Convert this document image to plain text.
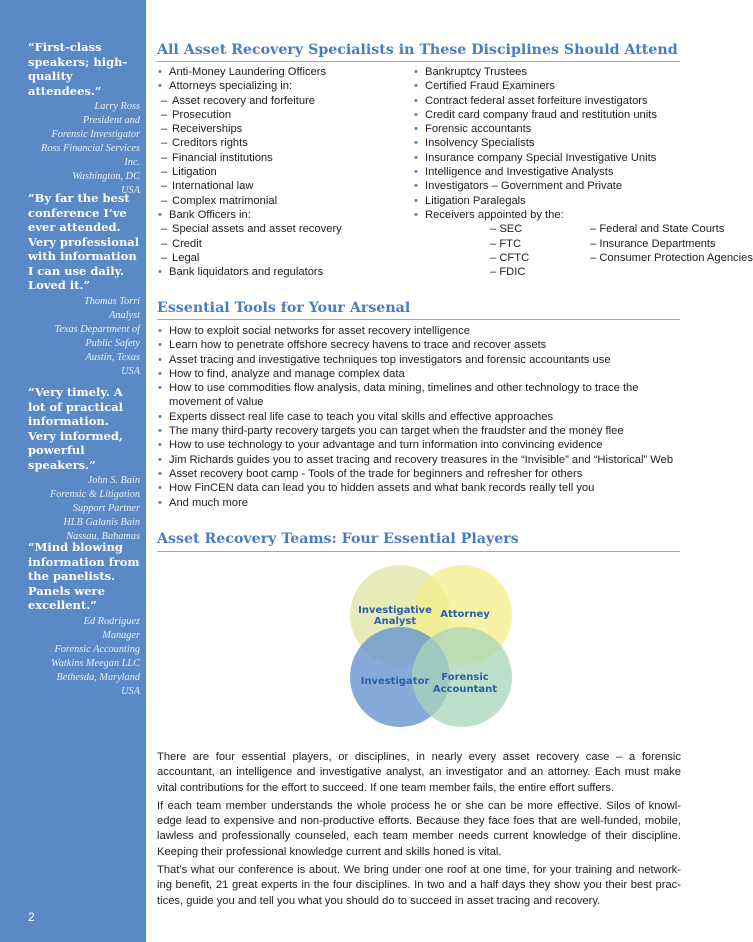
“First-class speakers; high-quality attendees.”

Larry Ross
President and
Forensic Investigator
Ross Financial Services
Inc.
Washington, DC
USA

“By far the best conference I’ve ever attended. Very professional with information I can use daily. Loved it.”

Thomas Torri
Analyst
Texas Department of
Public Safety
Austin, Texas
USA

“Very timely. A lot of practical information. Very informed, powerful speakers.”

John S. Bain
Forensic & Litigation
Support Partner
HLB Galanis Bain
Nassau, Bahamas

“Mind blowing information from the panelists. Panels were excellent.”

Ed Rodriguez
Manager
Forensic Accounting
Watkins Meegan LLC
Bethesda, Maryland
USA
2
All Asset Recovery Specialists in These Disciplines Should Attend
• Anti-Money Laundering Officers
• Attorneys specializing in:
– Asset recovery and forfeiture
– Prosecution
– Receiverships
– Creditors rights
– Financial institutions
– Litigation
– International law
– Complex matrimonial
• Bank Officers in:
– Special assets and asset recovery
– Credit
– Legal
• Bank liquidators and regulators
• Bankruptcy Trustees
• Certified Fraud Examiners
• Contract federal asset forfeiture investigators
• Credit card company fraud and restitution units
• Forensic accountants
• Insolvency Specialists
• Insurance company Special Investigative Units
• Intelligence and Investigative Analysts
• Investigators – Government and Private
• Litigation Paralegals
• Receivers appointed by the:
– SEC	– Federal and State Courts
– FTC	– Insurance Departments
– CFTC	– Consumer Protection Agencies
– FDIC
Essential Tools for Your Arsenal
• How to exploit social networks for asset recovery intelligence
• Learn how to penetrate offshore secrecy havens to trace and recover assets
• Asset tracing and investigative techniques top investigators and forensic accountants use
• How to find, analyze and manage complex data
• How to use commodities flow analysis, data mining, timelines and other technology to trace the movement of value
• Experts dissect real life case to teach you vital skills and effective approaches
• The many third-party recovery targets you can target when the fraudster and the money flee
• How to use technology to your advantage and turn information into convincing evidence
• Jim Richards guides you to asset tracing and recovery treasures in the “Invisible” and “Historical” Web
• Asset recovery boot camp - Tools of the trade for beginners and refresher for others
• How FinCEN data can lead you to hidden assets and what bank records really tell you
• And much more
Asset Recovery Teams: Four Essential Players
Investigative
Analyst
Attorney
Investigator Forensic
Accountant

There are four essential players, or disciplines, in nearly every asset recovery case – a forensic accountant, an intelligence and investigative analyst, an investigator and an attorney. Each must make vital contributions for the effort to succeed. If one team member fails, the entire effort suffers.

If each team member understands the whole process he or she can be more effective. Silos of knowl-edge lead to expensive and non-productive efforts. Because they face foes that are well-funded, mobile, lawless and professionally counseled, each team member needs current knowledge of their discipline. Keeping their professional knowledge current and skills honed is vital.

That’s what our conference is about. We bring under one roof at one time, for your training and network-ing benefit, 21 great experts in the four disciplines. In two and a half days they show you their best prac-tices, guide you and tell you what you should do to succeed in asset tracing and recovery.
